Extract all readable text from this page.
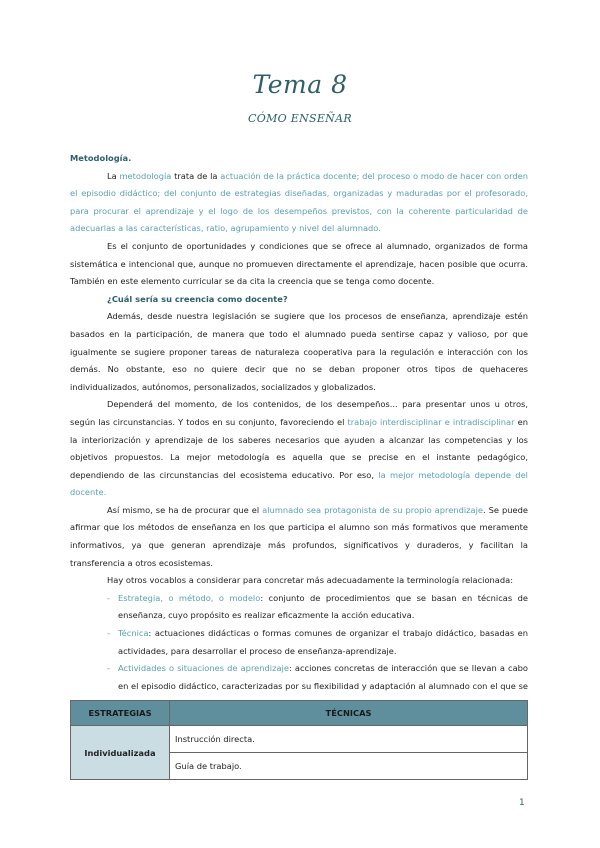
Tema 8
CÓMO ENSEÑAR

Metodología.

La metodología trata de la actuación de la práctica docente; del proceso o modo de hacer con orden el episodio didáctico; del conjunto de estrategias diseñadas, organizadas y maduradas por el profesorado, para procurar el aprendizaje y el logo de los desempeños previstos, con la coherente particularidad de adecuarlas a las características, ratio, agrupamiento y nivel del alumnado.

Es el conjunto de oportunidades y condiciones que se ofrece al alumnado, organizados de forma sistemática e intencional que, aunque no promueven directamente el aprendizaje, hacen posible que ocurra. También en este elemento curricular se da cita la creencia que se tenga como docente.

¿Cuál sería su creencia como docente?

Además, desde nuestra legislación se sugiere que los procesos de enseñanza, aprendizaje estén basados en la participación, de manera que todo el alumnado pueda sentirse capaz y valioso, por que igualmente se sugiere proponer tareas de naturaleza cooperativa para la regulación e interacción con los demás. No obstante, eso no quiere decir que no se deban proponer otros tipos de quehaceres individualizados, autónomos, personalizados, socializados y globalizados.

Dependerá del momento, de los contenidos, de los desempeños... para presentar unos u otros, según las circunstancias. Y todos en su conjunto, favoreciendo el trabajo interdisciplinar e intradisciplinar en la interiorización y aprendizaje de los saberes necesarios que ayuden a alcanzar las competencias y los objetivos propuestos. La mejor metodología es aquella que se precise en el instante pedagógico, dependiendo de las circunstancias del ecosistema educativo. Por eso, la mejor metodología depende del docente.

Así mismo, se ha de procurar que el alumnado sea protagonista de su propio aprendizaje. Se puede afirmar que los métodos de enseñanza en los que participa el alumno son más formativos que meramente informativos, ya que generan aprendizaje más profundos, significativos y duraderos, y facilitan la transferencia a otros ecosistemas.

Hay otros vocablos a considerar para concretar más adecuadamente la terminología relacionada:

- Estrategia, o método, o modelo: conjunto de procedimientos que se basan en técnicas de enseñanza, cuyo propósito es realizar eficazmente la acción educativa.
- Técnica: actuaciones didácticas o formas comunes de organizar el trabajo didáctico, basadas en actividades, para desarrollar el proceso de enseñanza-aprendizaje.
- Actividades o situaciones de aprendizaje: acciones concretas de interacción que se llevan a cabo en el episodio didáctico, caracterizadas por su flexibilidad y adaptación al alumnado con el que se

ESTRATEGIAS	TÉCNICAS
Individualizada	Instrucción directa.
	Guía de trabajo.
1
